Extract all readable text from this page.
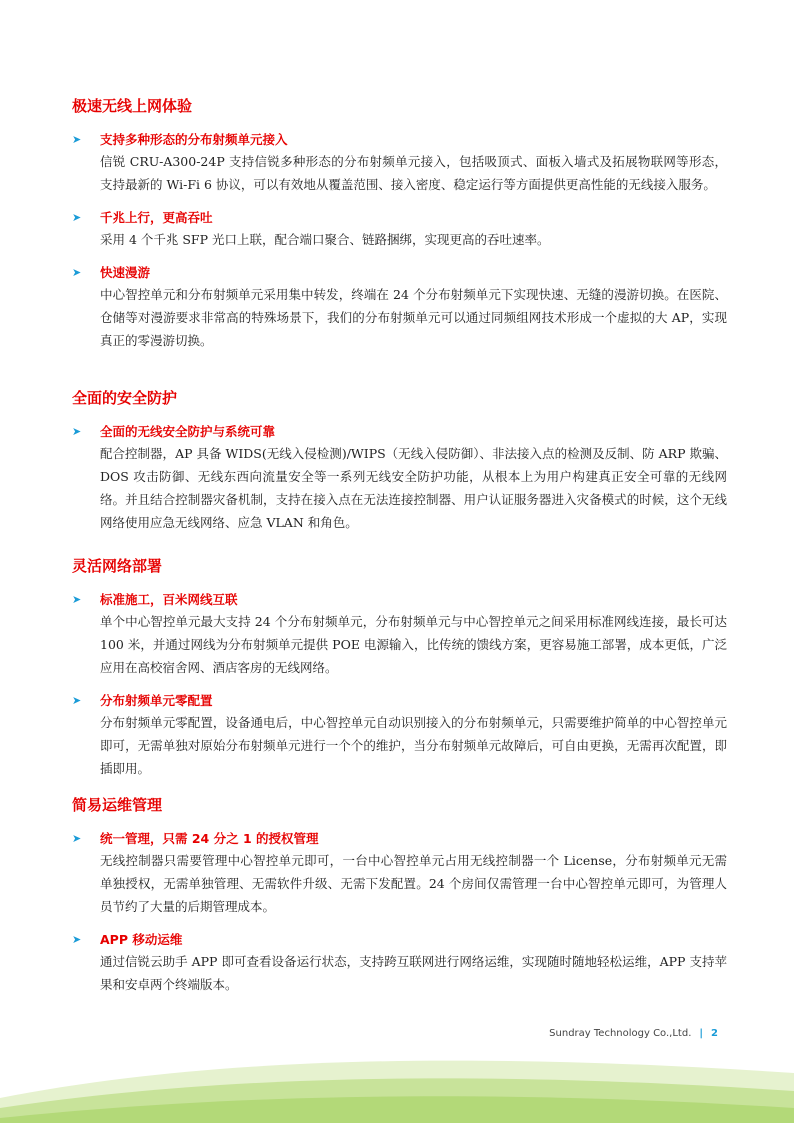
极速无线上网体验
➤ 支持多种形态的分布射频单元接入
信锐 CRU-A300-24P 支持信锐多种形态的分布射频单元接入，包括吸顶式、面板入墙式及拓展物联网等形态，支持最新的 Wi-Fi 6 协议，可以有效地从覆盖范围、接入密度、稳定运行等方面提供更高性能的无线接入服务。
➤ 千兆上行，更高吞吐
采用 4 个千兆 SFP 光口上联，配合端口聚合、链路捆绑，实现更高的吞吐速率。
➤ 快速漫游
中心智控单元和分布射频单元采用集中转发，终端在 24 个分布射频单元下实现快速、无缝的漫游切换。在医院、仓储等对漫游要求非常高的特殊场景下，我们的分布射频单元可以通过同频组网技术形成一个虚拟的大 AP，实现真正的零漫游切换。
全面的安全防护
➤ 全面的无线安全防护与系统可靠
配合控制器，AP 具备 WIDS(无线入侵检测)/WIPS（无线入侵防御）、非法接入点的检测及反制、防 ARP 欺骗、DOS 攻击防御、无线东西向流量安全等一系列无线安全防护功能，从根本上为用户构建真正安全可靠的无线网络。并且结合控制器灾备机制，支持在接入点在无法连接控制器、用户认证服务器进入灾备模式的时候，这个无线网络使用应急无线网络、应急 VLAN 和角色。
灵活网络部署
➤ 标准施工，百米网线互联
单个中心智控单元最大支持 24 个分布射频单元，分布射频单元与中心智控单元之间采用标准网线连接，最长可达 100 米，并通过网线为分布射频单元提供 POE 电源输入，比传统的馈线方案，更容易施工部署，成本更低，广泛应用在高校宿舍网、酒店客房的无线网络。
➤ 分布射频单元零配置
分布射频单元零配置，设备通电后，中心智控单元自动识别接入的分布射频单元，只需要维护简单的中心智控单元即可，无需单独对原始分布射频单元进行一个个的维护，当分布射频单元故障后，可自由更换，无需再次配置，即插即用。
简易运维管理
➤ 统一管理，只需 24 分之 1 的授权管理
无线控制器只需要管理中心智控单元即可，一台中心智控单元占用无线控制器一个 License，分布射频单元无需单独授权，无需单独管理、无需软件升级、无需下发配置。24 个房间仅需管理一台中心智控单元即可，为管理人员节约了大量的后期管理成本。
➤ APP 移动运维
通过信锐云助手 APP 即可查看设备运行状态，支持跨互联网进行网络运维，实现随时随地轻松运维，APP 支持苹果和安卓两个终端版本。
Sundray Technology Co.,Ltd. | 2
